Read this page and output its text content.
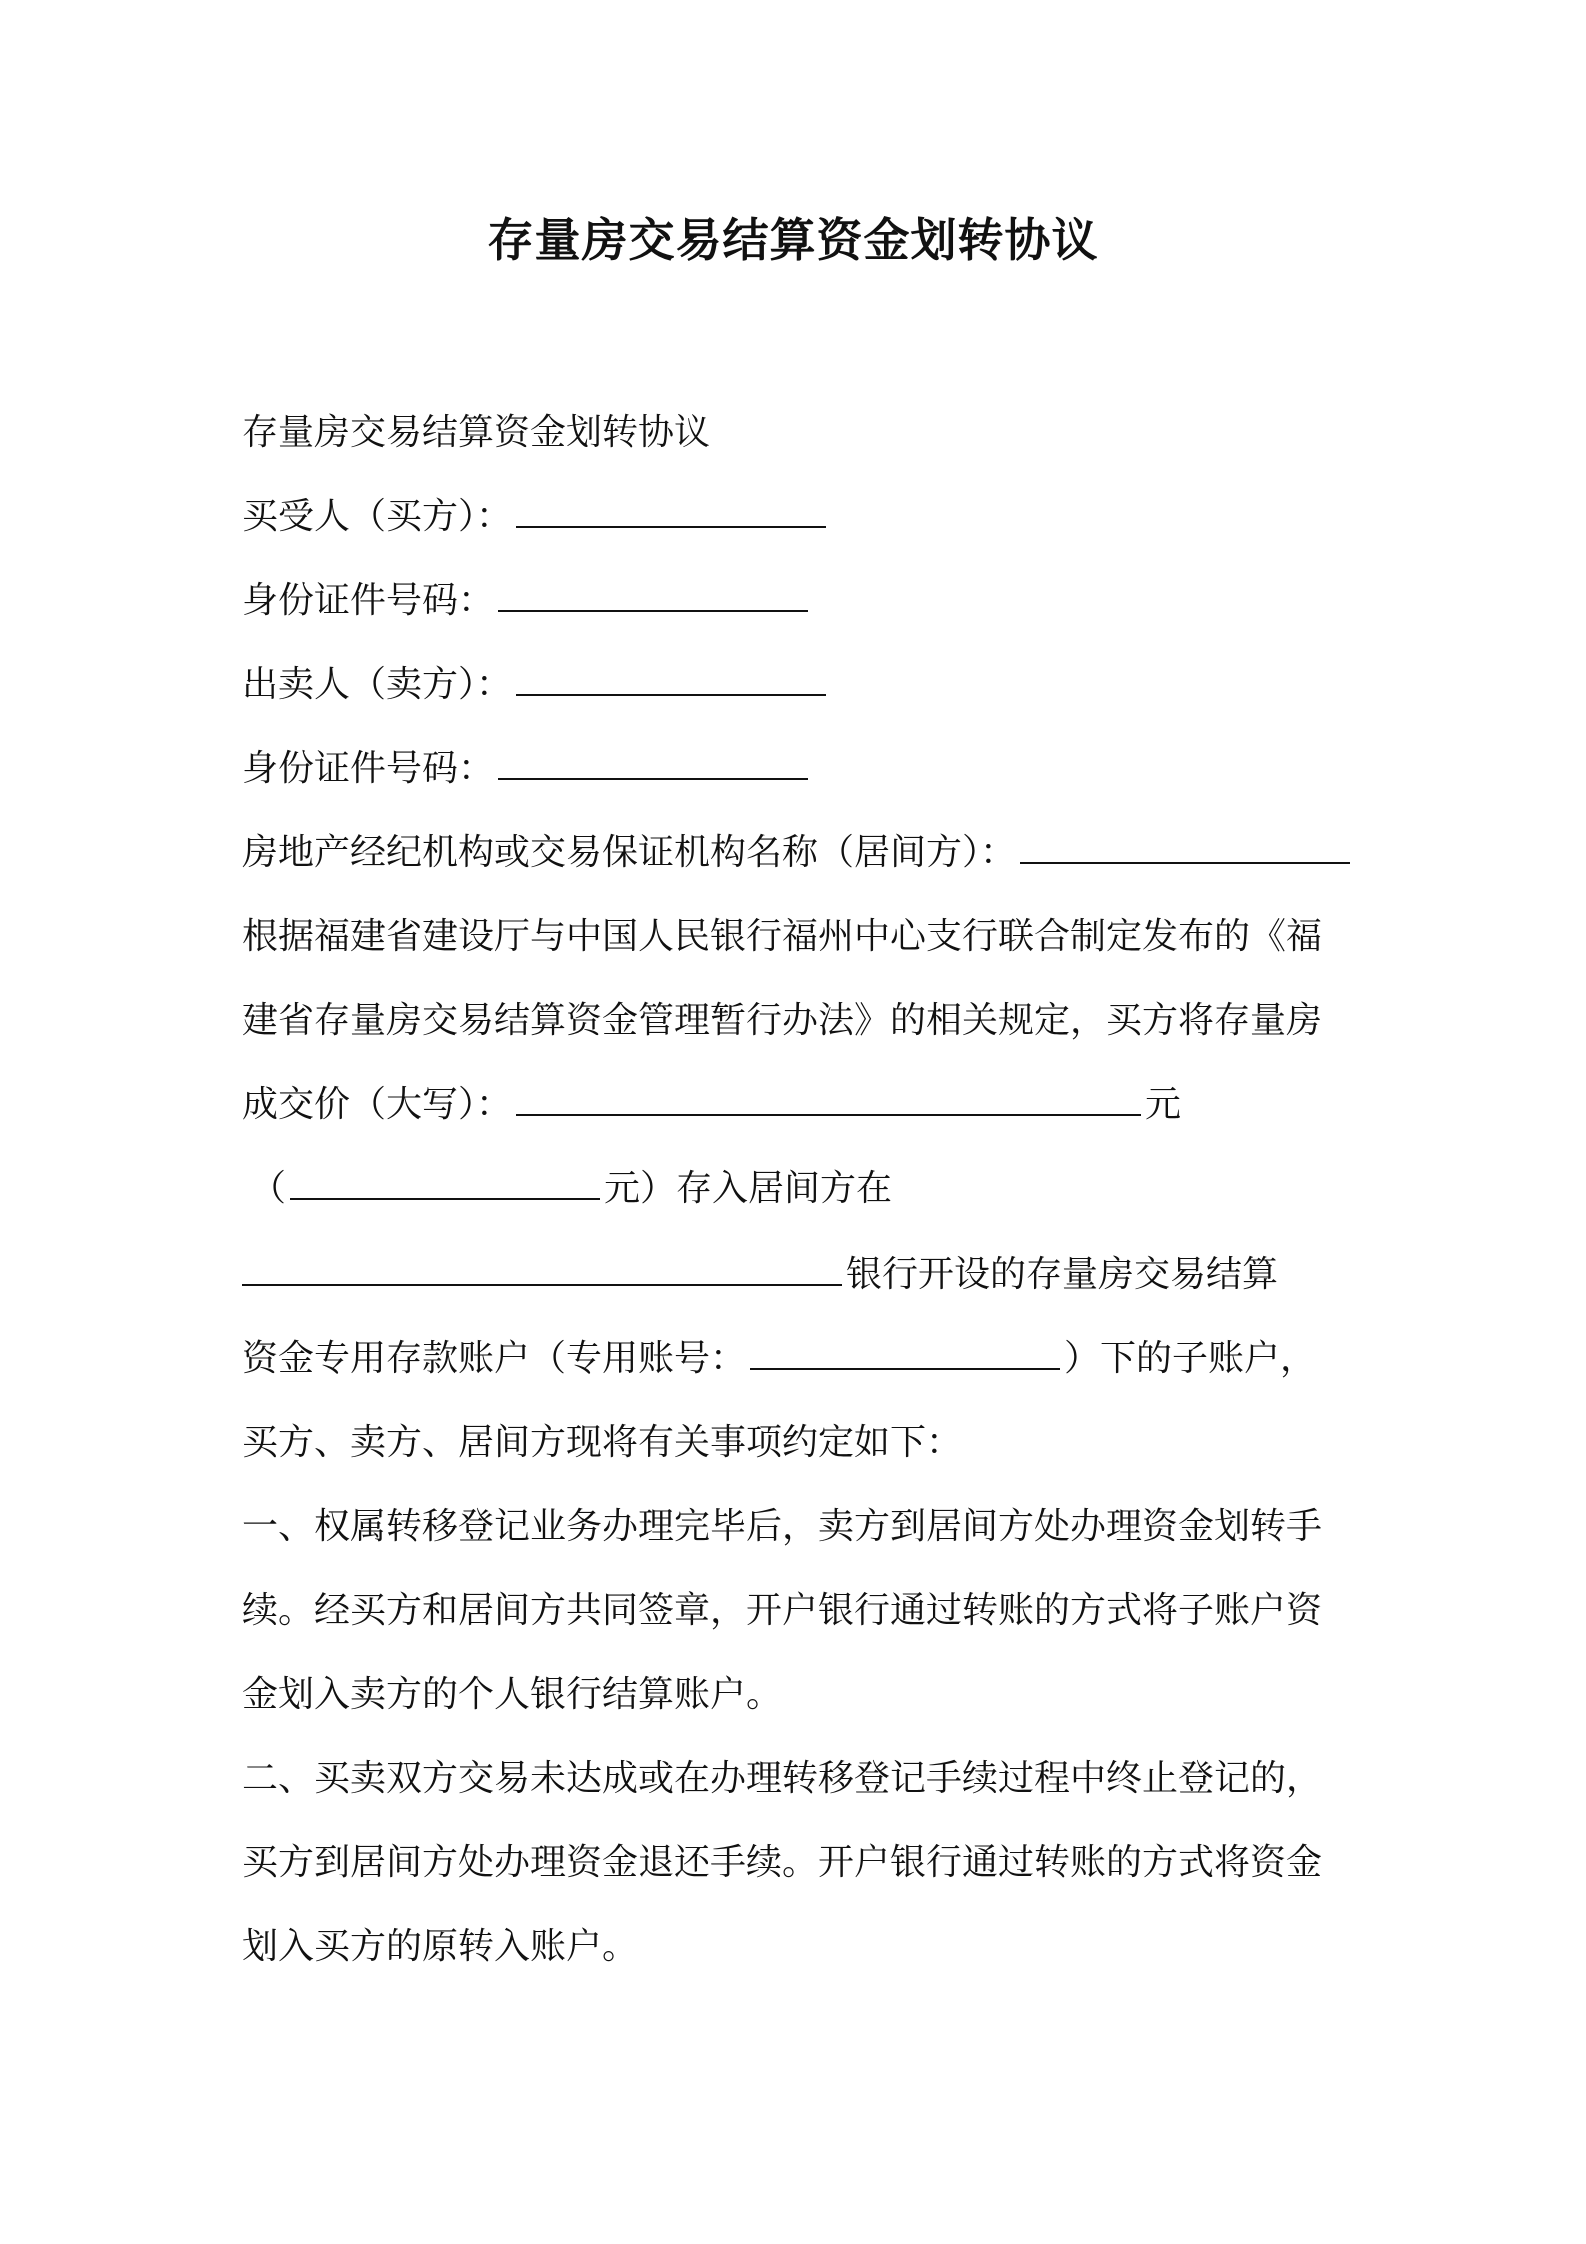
存量房交易结算资金划转协议
存量房交易结算资金划转协议
买受人（买方）：
身份证件号码：
出卖人（卖方）：
身份证件号码：
房地产经纪机构或交易保证机构名称（居间方）：
根据福建省建设厅与中国人民银行福州中心支行联合制定发布的《福
建省存量房交易结算资金管理暂行办法》的相关规定，买方将存量房
成交价（大写）：	元
（	元）存入居间方在
银行开设的存量房交易结算
资金专用存款账户（专用账号：	）下的子账户，
买方、卖方、居间方现将有关事项约定如下：
一、权属转移登记业务办理完毕后，卖方到居间方处办理资金划转手
续。经买方和居间方共同签章，开户银行通过转账的方式将子账户资
金划入卖方的个人银行结算账户。
二、买卖双方交易未达成或在办理转移登记手续过程中终止登记的，
买方到居间方处办理资金退还手续。开户银行通过转账的方式将资金
划入买方的原转入账户。
